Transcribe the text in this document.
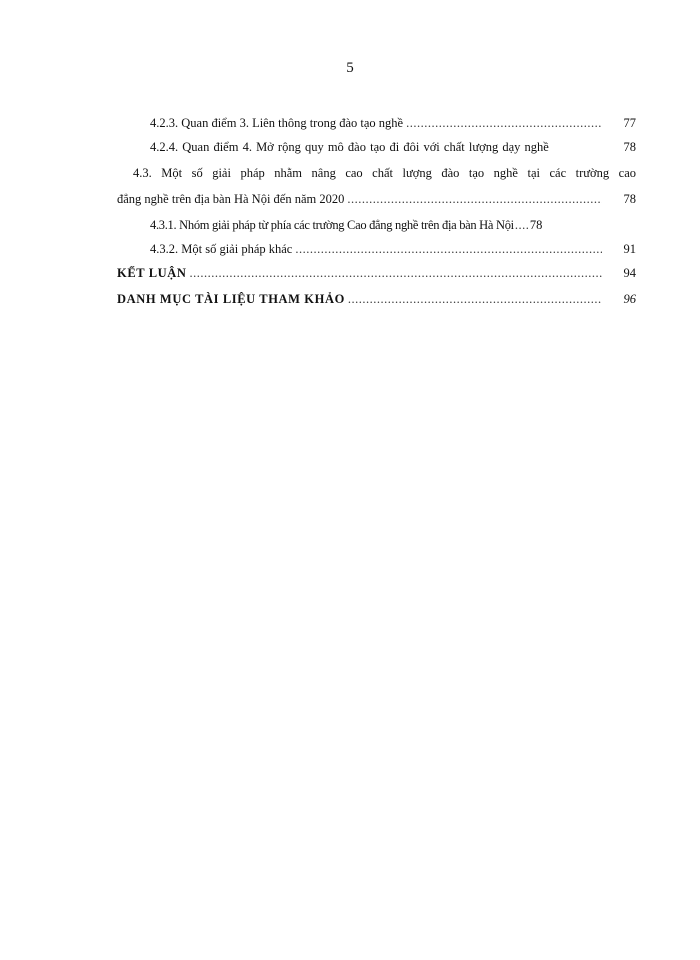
5
4.2.3. Quan điểm 3. Liên thông trong đào tạo nghề .....	77
4.2.4. Quan điểm 4. Mở rộng quy mô đào tạo đi đôi với chất lượng dạy nghề	78
4.3. Một số giải pháp nhằm nâng cao chất lượng đào tạo nghề tại các trường cao
đẳng nghề trên địa bàn Hà Nội đến năm 2020 .....	78
4.3.1. Nhóm giải pháp từ phía các trường Cao đẳng nghề trên địa bàn Hà Nội ..... 78
4.3.2. Một số giải pháp khác .....	91
KẾT LUẬN .....	94
DANH MỤC TÀI LIỆU THAM KHẢO .....	96
